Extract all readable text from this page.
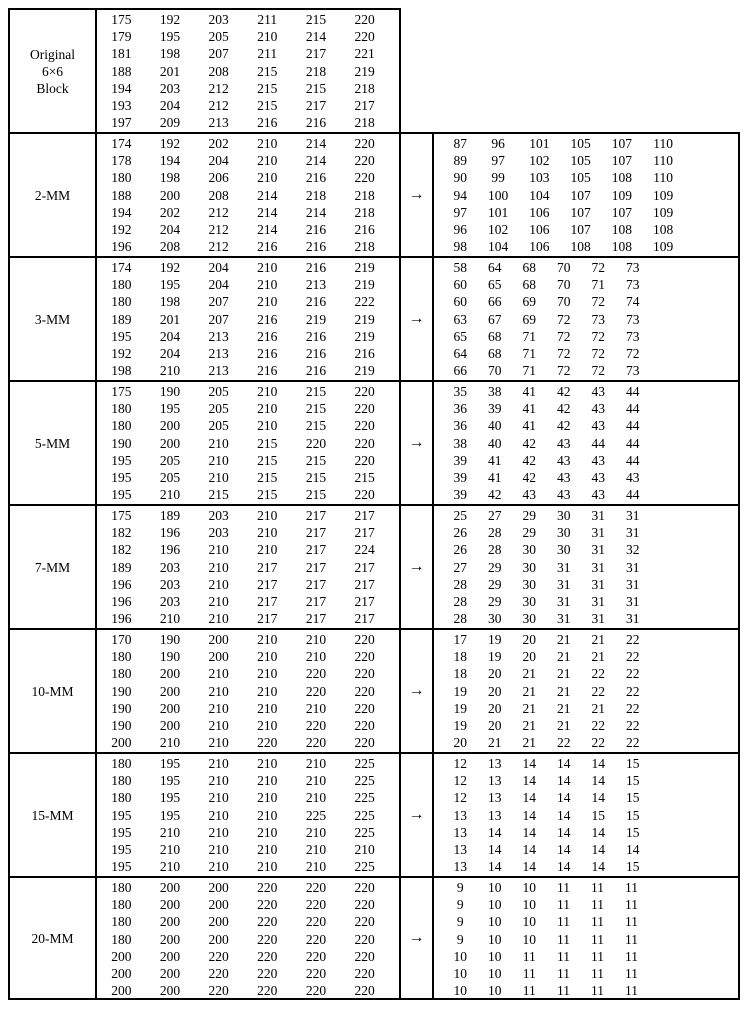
Original
6×6
Block
175	192	203	211	215	220
179	195	205	210	214	220
181	198	207	211	217	221
188	201	208	215	218	219
194	203	212	215	215	218
193	204	212	215	217	217
197	209	213	216	216	218
2-MM
174	192	202	210	214	220
178	194	204	210	214	220
180	198	206	210	216	220
188	200	208	214	218	218
194	202	212	214	214	218
192	204	212	214	216	216
196	208	212	216	216	218
→
87	96	101	105	107	110
89	97	102	105	107	110
90	99	103	105	108	110
94	100	104	107	109	109
97	101	106	107	107	109
96	102	106	107	108	108
98	104	106	108	108	109
3-MM
174	192	204	210	216	219
180	195	204	210	213	219
180	198	207	210	216	222
189	201	207	216	219	219
195	204	213	216	216	219
192	204	213	216	216	216
198	210	213	216	216	219
→
58	64	68	70	72	73
60	65	68	70	71	73
60	66	69	70	72	74
63	67	69	72	73	73
65	68	71	72	72	73
64	68	71	72	72	72
66	70	71	72	72	73
5-MM
175	190	205	210	215	220
180	195	205	210	215	220
180	200	205	210	215	220
190	200	210	215	220	220
195	205	210	215	215	220
195	205	210	215	215	215
195	210	215	215	215	220
→
35	38	41	42	43	44
36	39	41	42	43	44
36	40	41	42	43	44
38	40	42	43	44	44
39	41	42	43	43	44
39	41	42	43	43	43
39	42	43	43	43	44
7-MM
175	189	203	210	217	217
182	196	203	210	217	217
182	196	210	210	217	224
189	203	210	217	217	217
196	203	210	217	217	217
196	203	210	217	217	217
196	210	210	217	217	217
→
25	27	29	30	31	31
26	28	29	30	31	31
26	28	30	30	31	32
27	29	30	31	31	31
28	29	30	31	31	31
28	29	30	31	31	31
28	30	30	31	31	31
10-MM
170	190	200	210	210	220
180	190	200	210	210	220
180	200	210	210	220	220
190	200	210	210	220	220
190	200	210	210	210	220
190	200	210	210	220	220
200	210	210	220	220	220
→
17	19	20	21	21	22
18	19	20	21	21	22
18	20	21	21	22	22
19	20	21	21	22	22
19	20	21	21	21	22
19	20	21	21	22	22
20	21	21	22	22	22
15-MM
180	195	210	210	210	225
180	195	210	210	210	225
180	195	210	210	210	225
195	195	210	210	225	225
195	210	210	210	210	225
195	210	210	210	210	210
195	210	210	210	210	225
→
12	13	14	14	14	15
12	13	14	14	14	15
12	13	14	14	14	15
13	13	14	14	15	15
13	14	14	14	14	15
13	14	14	14	14	14
13	14	14	14	14	15
20-MM
180	200	200	220	220	220
180	200	200	220	220	220
180	200	200	220	220	220
180	200	200	220	220	220
200	200	220	220	220	220
200	200	220	220	220	220
200	200	220	220	220	220
→
9	10	10	11	11	11
9	10	10	11	11	11
9	10	10	11	11	11
9	10	10	11	11	11
10	10	11	11	11	11
10	10	11	11	11	11
10	10	11	11	11	11
